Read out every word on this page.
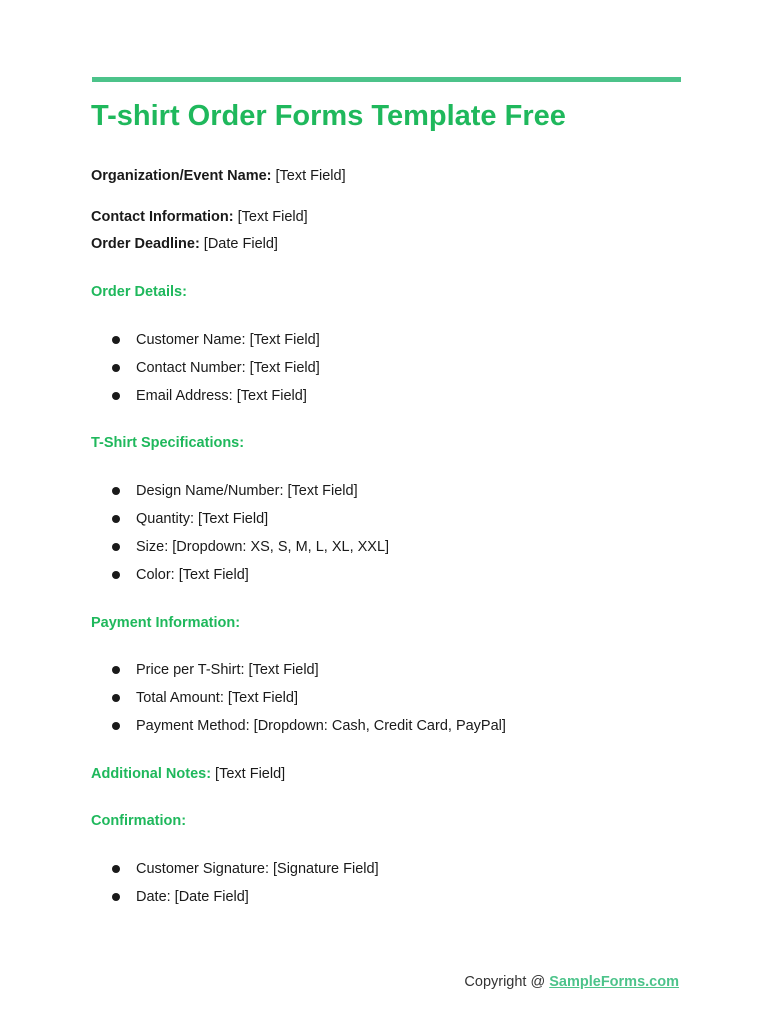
T-shirt Order Forms Template Free
Organization/Event Name: [Text Field]
Contact Information: [Text Field]
Order Deadline: [Date Field]
Order Details:
Customer Name: [Text Field]
Contact Number: [Text Field]
Email Address: [Text Field]
T-Shirt Specifications:
Design Name/Number: [Text Field]
Quantity: [Text Field]
Size: [Dropdown: XS, S, M, L, XL, XXL]
Color: [Text Field]
Payment Information:
Price per T-Shirt: [Text Field]
Total Amount: [Text Field]
Payment Method: [Dropdown: Cash, Credit Card, PayPal]
Additional Notes: [Text Field]
Confirmation:
Customer Signature: [Signature Field]
Date: [Date Field]
Copyright @ SampleForms.com
